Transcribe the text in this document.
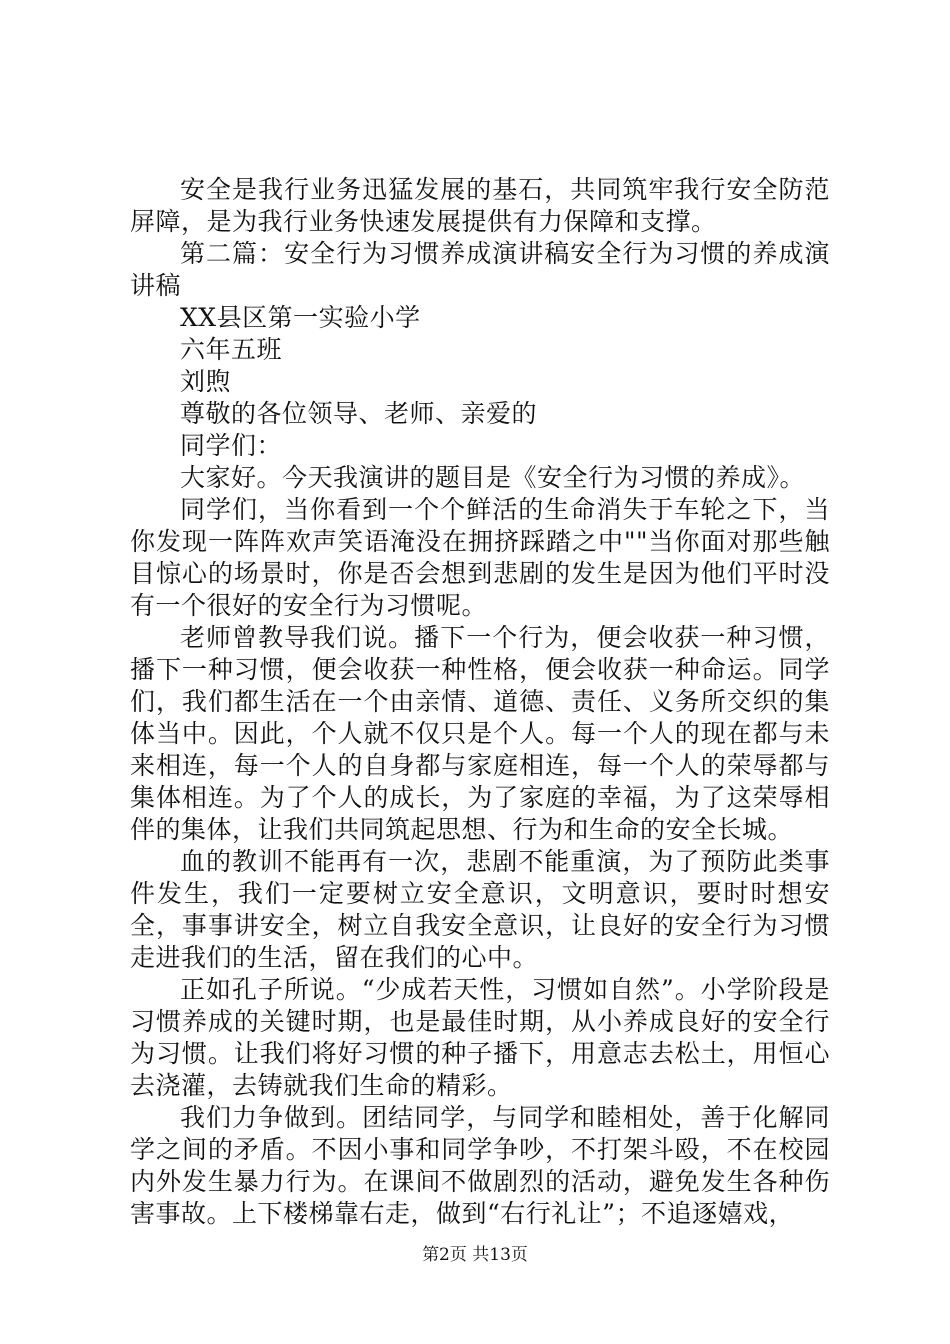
安全是我行业务迅猛发展的基石，共同筑牢我行安全防范屏障，是为我行业务快速发展提供有力保障和支撑。

第二篇：安全行为习惯养成演讲稿安全行为习惯的养成演讲稿

XX县区第一实验小学

六年五班

刘煦

尊敬的各位领导、老师、亲爱的

同学们：

大家好。今天我演讲的题目是《安全行为习惯的养成》。

同学们，当你看到一个个鲜活的生命消失于车轮之下，当你发现一阵阵欢声笑语淹没在拥挤踩踏之中""当你面对那些触目惊心的场景时，你是否会想到悲剧的发生是因为他们平时没有一个很好的安全行为习惯呢。

老师曾教导我们说。播下一个行为，便会收获一种习惯，播下一种习惯，便会收获一种性格，便会收获一种命运。同学们，我们都生活在一个由亲情、道德、责任、义务所交织的集体当中。因此，个人就不仅只是个人。每一个人的现在都与未来相连，每一个人的自身都与家庭相连，每一个人的荣辱都与集体相连。为了个人的成长，为了家庭的幸福，为了这荣辱相伴的集体，让我们共同筑起思想、行为和生命的安全长城。

血的教训不能再有一次，悲剧不能重演，为了预防此类事件发生，我们一定要树立安全意识，文明意识，要时时想安全，事事讲安全，树立自我安全意识，让良好的安全行为习惯走进我们的生活，留在我们的心中。

正如孔子所说。“少成若天性，习惯如自然”。小学阶段是习惯养成的关键时期，也是最佳时期，从小养成良好的安全行为习惯。让我们将好习惯的种子播下，用意志去松土，用恒心去浇灌，去铸就我们生命的精彩。

我们力争做到。团结同学，与同学和睦相处，善于化解同学之间的矛盾。不因小事和同学争吵，不打架斗殴，不在校园内外发生暴力行为。在课间不做剧烈的活动，避免发生各种伤害事故。上下楼梯靠右走，做到“右行礼让”；不追逐嬉戏，

第2页 共13页
